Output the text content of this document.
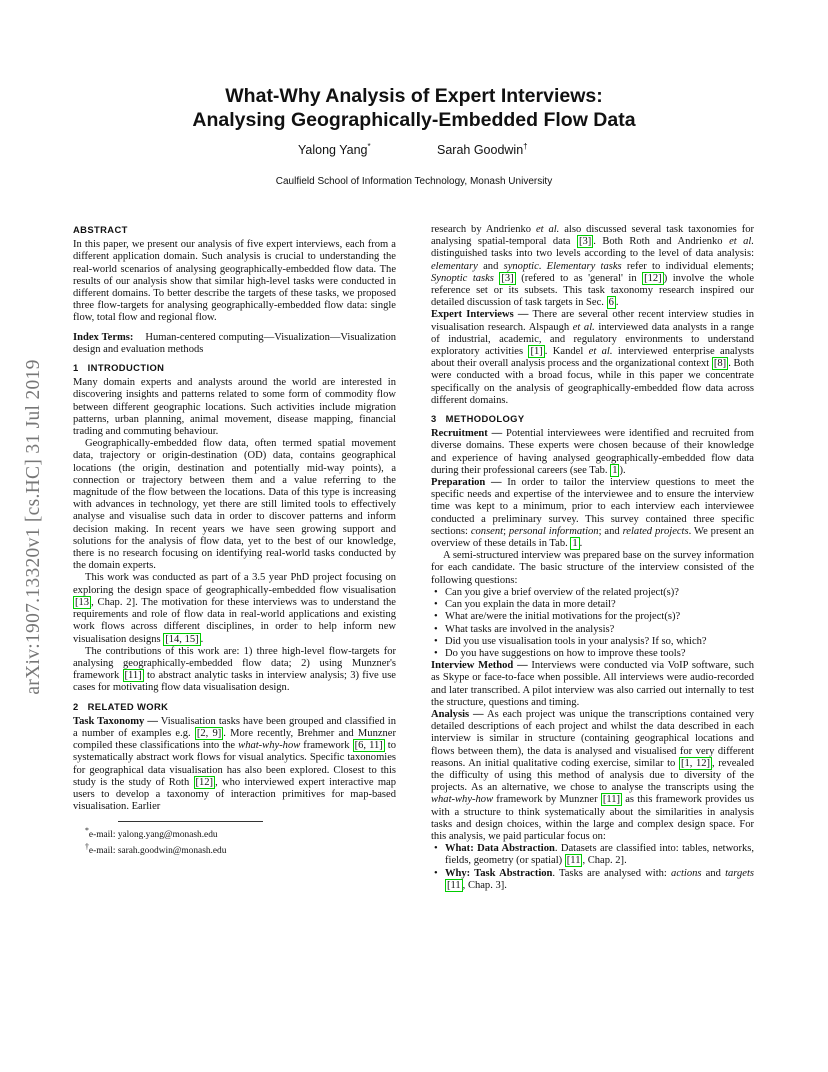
arXiv:1907.13320v1 [cs.HC] 31 Jul 2019
What-Why Analysis of Expert Interviews:
Analysing Geographically-Embedded Flow Data
Yalong Yang*	Sarah Goodwin†
Caulfield School of Information Technology, Monash University
ABSTRACT

In this paper, we present our analysis of five expert interviews, each from a different application domain. Such analysis is crucial to understanding the real-world scenarios of analysing geographically-embedded flow data. The results of our analysis show that similar high-level tasks were conducted in different domains. To better describe the targets of these tasks, we proposed three flow-targets for analysing geographically-embedded flow data: single flow, total flow and regional flow.

Index Terms: Human-centered computing—Visualization—Visualization design and evaluation methods

1 INTRODUCTION

Many domain experts and analysts around the world are interested in discovering insights and patterns related to some form of commodity flow between different geographic locations. Such activities include migration patterns, urban planning, animal movement, disease mapping, financial trading and commuting behaviour.

Geographically-embedded flow data, often termed spatial movement data, trajectory or origin-destination (OD) data, contains geographical locations (the origin, destination and potentially mid-way points), a connection or trajectory between them and a value referring to the magnitude of the flow between the locations. Data of this type is increasing with advances in technology, yet there are still limited tools to effectively analyse and visualise such data in order to discover patterns and inform decision making. In recent years we have seen growing support and solutions for the analysis of flow data, yet to the best of our knowledge, there is no research focusing on identifying real-world tasks conducted by the domain experts.

This work was conducted as part of a 3.5 year PhD project focusing on exploring the design space of geographically-embedded flow visualisation [13 , Chap. 2]. The motivation for these interviews was to understand the requirements and role of flow data in real-world applications and existing work flows across different disciplines, in order to help inform new visualisation designs [14, 15] .

The contributions of this work are: 1) three high-level flow-targets for analysing geographically-embedded flow data; 2) using Munzner's framework [11] to abstract analytic tasks in interview analysis; 3) five use cases for motivating flow data visualisation design.

2 RELATED WORK

Task Taxonomy — Visualisation tasks have been grouped and classified in a number of examples e.g. [2, 9] . More recently, Brehmer and Munzner compiled these classifications into the what-why-how framework [6, 11] to systematically abstract work flows for visual analytics. Specific taxonomies for geographical data visualisation has also been explored. Closest to this study is the study of Roth [12] , who interviewed expert interactive map users to develop a taxonomy of interaction primitives for map-based visualisation. Earlier

*e-mail: yalong.yang@monash.edu
†e-mail: sarah.goodwin@monash.edu

research by Andrienko et al. also discussed several task taxonomies for analysing spatial-temporal data [3] . Both Roth and Andrienko et al. distinguished tasks into two levels according to the level of data analysis: elementary and synoptic. Elementary tasks refer to individual elements; Synoptic tasks [3] (refered to as 'general' in [12] ) involve the whole reference set or its subsets. This task taxonomy research inspired our detailed discussion of task targets in Sec. 6 .

Expert Interviews — There are several other recent interview studies in visualisation research. Alspaugh et al. interviewed data analysts in a range of industrial, academic, and regulatory environments to understand exploratory activities [1] . Kandel et al. interviewed enterprise analysts about their overall analysis process and the organizational context [8] . Both were conducted with a broad focus, while in this paper we concentrate specifically on the analysis of geographically-embedded flow data across different domains.

3 METHODOLOGY

Recruitment — Potential interviewees were identified and recruited from diverse domains. These experts were chosen because of their knowledge and experience of having analysed geographically-embedded flow data during their professional careers (see Tab. 1 ).

Preparation — In order to tailor the interview questions to meet the specific needs and expertise of the interviewee and to ensure the interview time was kept to a minimum, prior to each interview each interviewee conducted a preliminary survey. This survey contained three specific sections: consent; personal information; and related projects. We present an overview of these details in Tab. 1 .

A semi-structured interview was prepared base on the survey information for each candidate. The basic structure of the interview consisted of the following questions:

• Can you give a brief overview of the related project(s)?
• Can you explain the data in more detail?
• What are/were the initial motivations for the project(s)?
• What tasks are involved in the analysis?
• Did you use visualisation tools in your analysis? If so, which?
• Do you have suggestions on how to improve these tools?

Interview Method — Interviews were conducted via VoIP software, such as Skype or face-to-face when possible. All interviews were audio-recorded and later transcribed. A pilot interview was also carried out internally to test the structure, questions and timing.

Analysis — As each project was unique the transcriptions contained very detailed descriptions of each project and whilst the data described in each interview is similar in structure (containing geographical locations and flows between them), the data is analysed and visualised for very different reasons. An initial qualitative coding exercise, similar to [1, 12] , revealed the difficulty of using this method of analysis due to diversity of the projects. As an alternative, we chose to analyse the transcripts using the what-why-how framework by Munzner [11] as this framework provides us with a structure to think systematically about the similarities in analysis tasks and design choices, within the large and complex design space. For this analysis, we paid particular focus on:

• What: Data Abstraction. Datasets are classified into: tables, networks, fields, geometry (or spatial) [11 , Chap. 2].
• Why: Task Abstraction. Tasks are analysed with: actions and targets [11 , Chap. 3].
